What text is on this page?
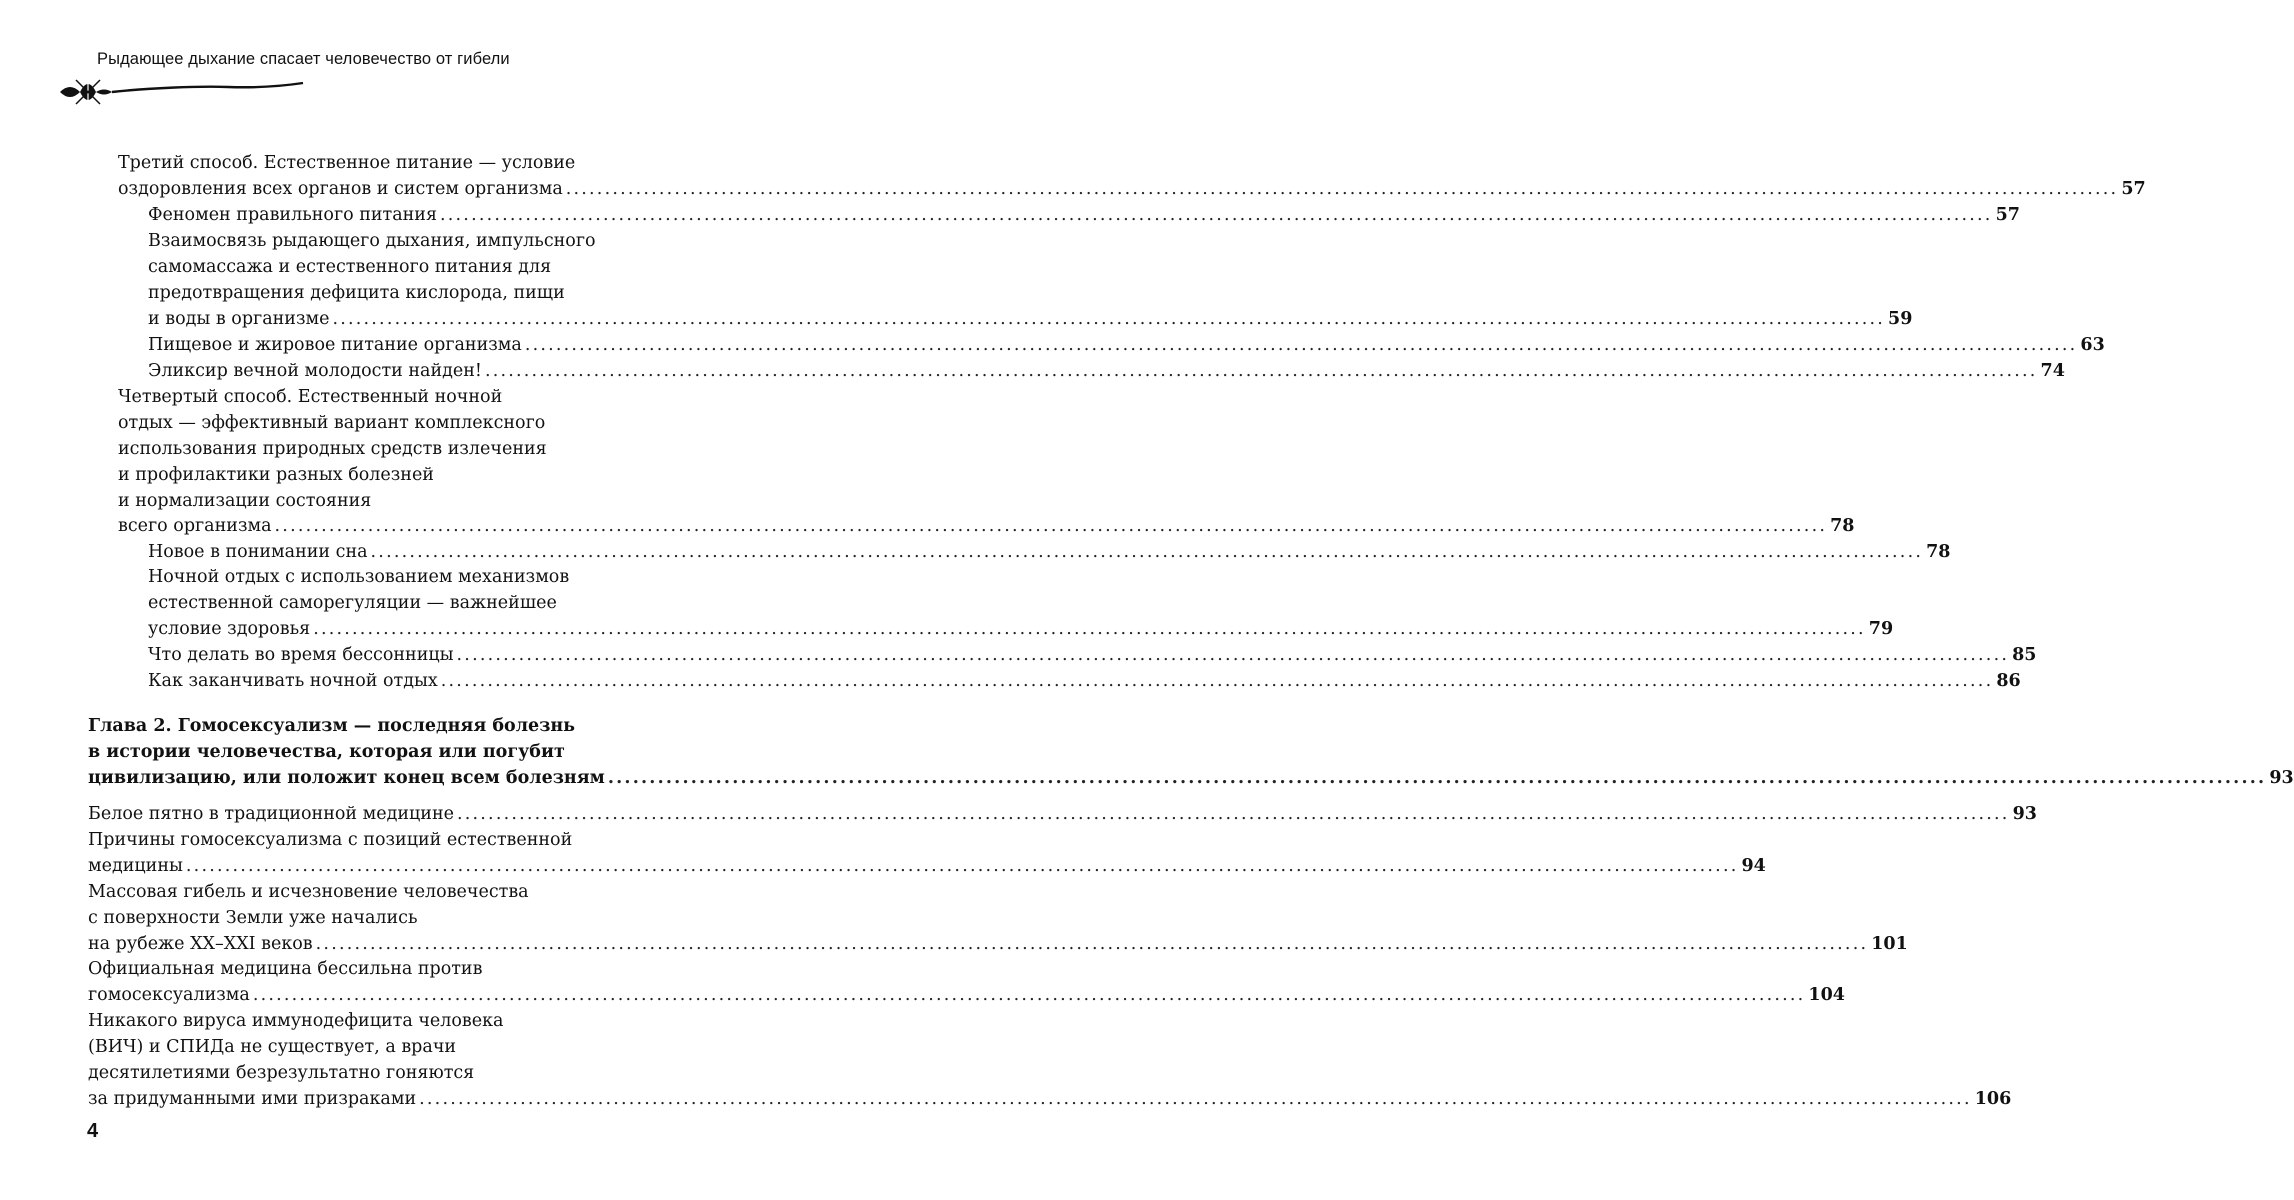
Рыдающее дыхание спасает человечество от гибели
Третий способ. Естественное питание — условие
оздоровления всех органов и систем организма ........................................................................................................................................................................................................ 57
Феномен правильного питания ........................................................................................................................................................................................................ 57
Взаимосвязь рыдающего дыхания, импульсного
самомассажа и естественного питания для
предотвращения дефицита кислорода, пищи
и воды в организме ........................................................................................................................................................................................................ 59
Пищевое и жировое питание организма ........................................................................................................................................................................................................ 63
Эликсир вечной молодости найден! ........................................................................................................................................................................................................ 74
Четвертый способ. Естественный ночной
отдых — эффективный вариант комплексного
использования природных средств излечения
и профилактики разных болезней
и нормализации состояния
всего организма ........................................................................................................................................................................................................ 78
Новое в понимании сна ........................................................................................................................................................................................................ 78
Ночной отдых с использованием механизмов
естественной саморегуляции — важнейшее
условие здоровья ........................................................................................................................................................................................................ 79
Что делать во время бессонницы ........................................................................................................................................................................................................ 85
Как заканчивать ночной отдых ........................................................................................................................................................................................................ 86
Глава 2. Гомосексуализм — последняя болезнь
в истории человечества, которая или погубит
цивилизацию, или положит конец всем болезням ........................................................................................................................................................................................................ 93
Белое пятно в традиционной медицине ........................................................................................................................................................................................................ 93
Причины гомосексуализма с позиций естественной
медицины ........................................................................................................................................................................................................ 94
Массовая гибель и исчезновение человечества
с поверхности Земли уже начались
на рубеже XX–XXI веков ........................................................................................................................................................................................................ 101
Официальная медицина бессильна против
гомосексуализма ........................................................................................................................................................................................................ 104
Никакого вируса иммунодефицита человека
(ВИЧ) и СПИДа не существует, а врачи
десятилетиями безрезультатно гоняются
за придуманными ими призраками ........................................................................................................................................................................................................ 106
4
